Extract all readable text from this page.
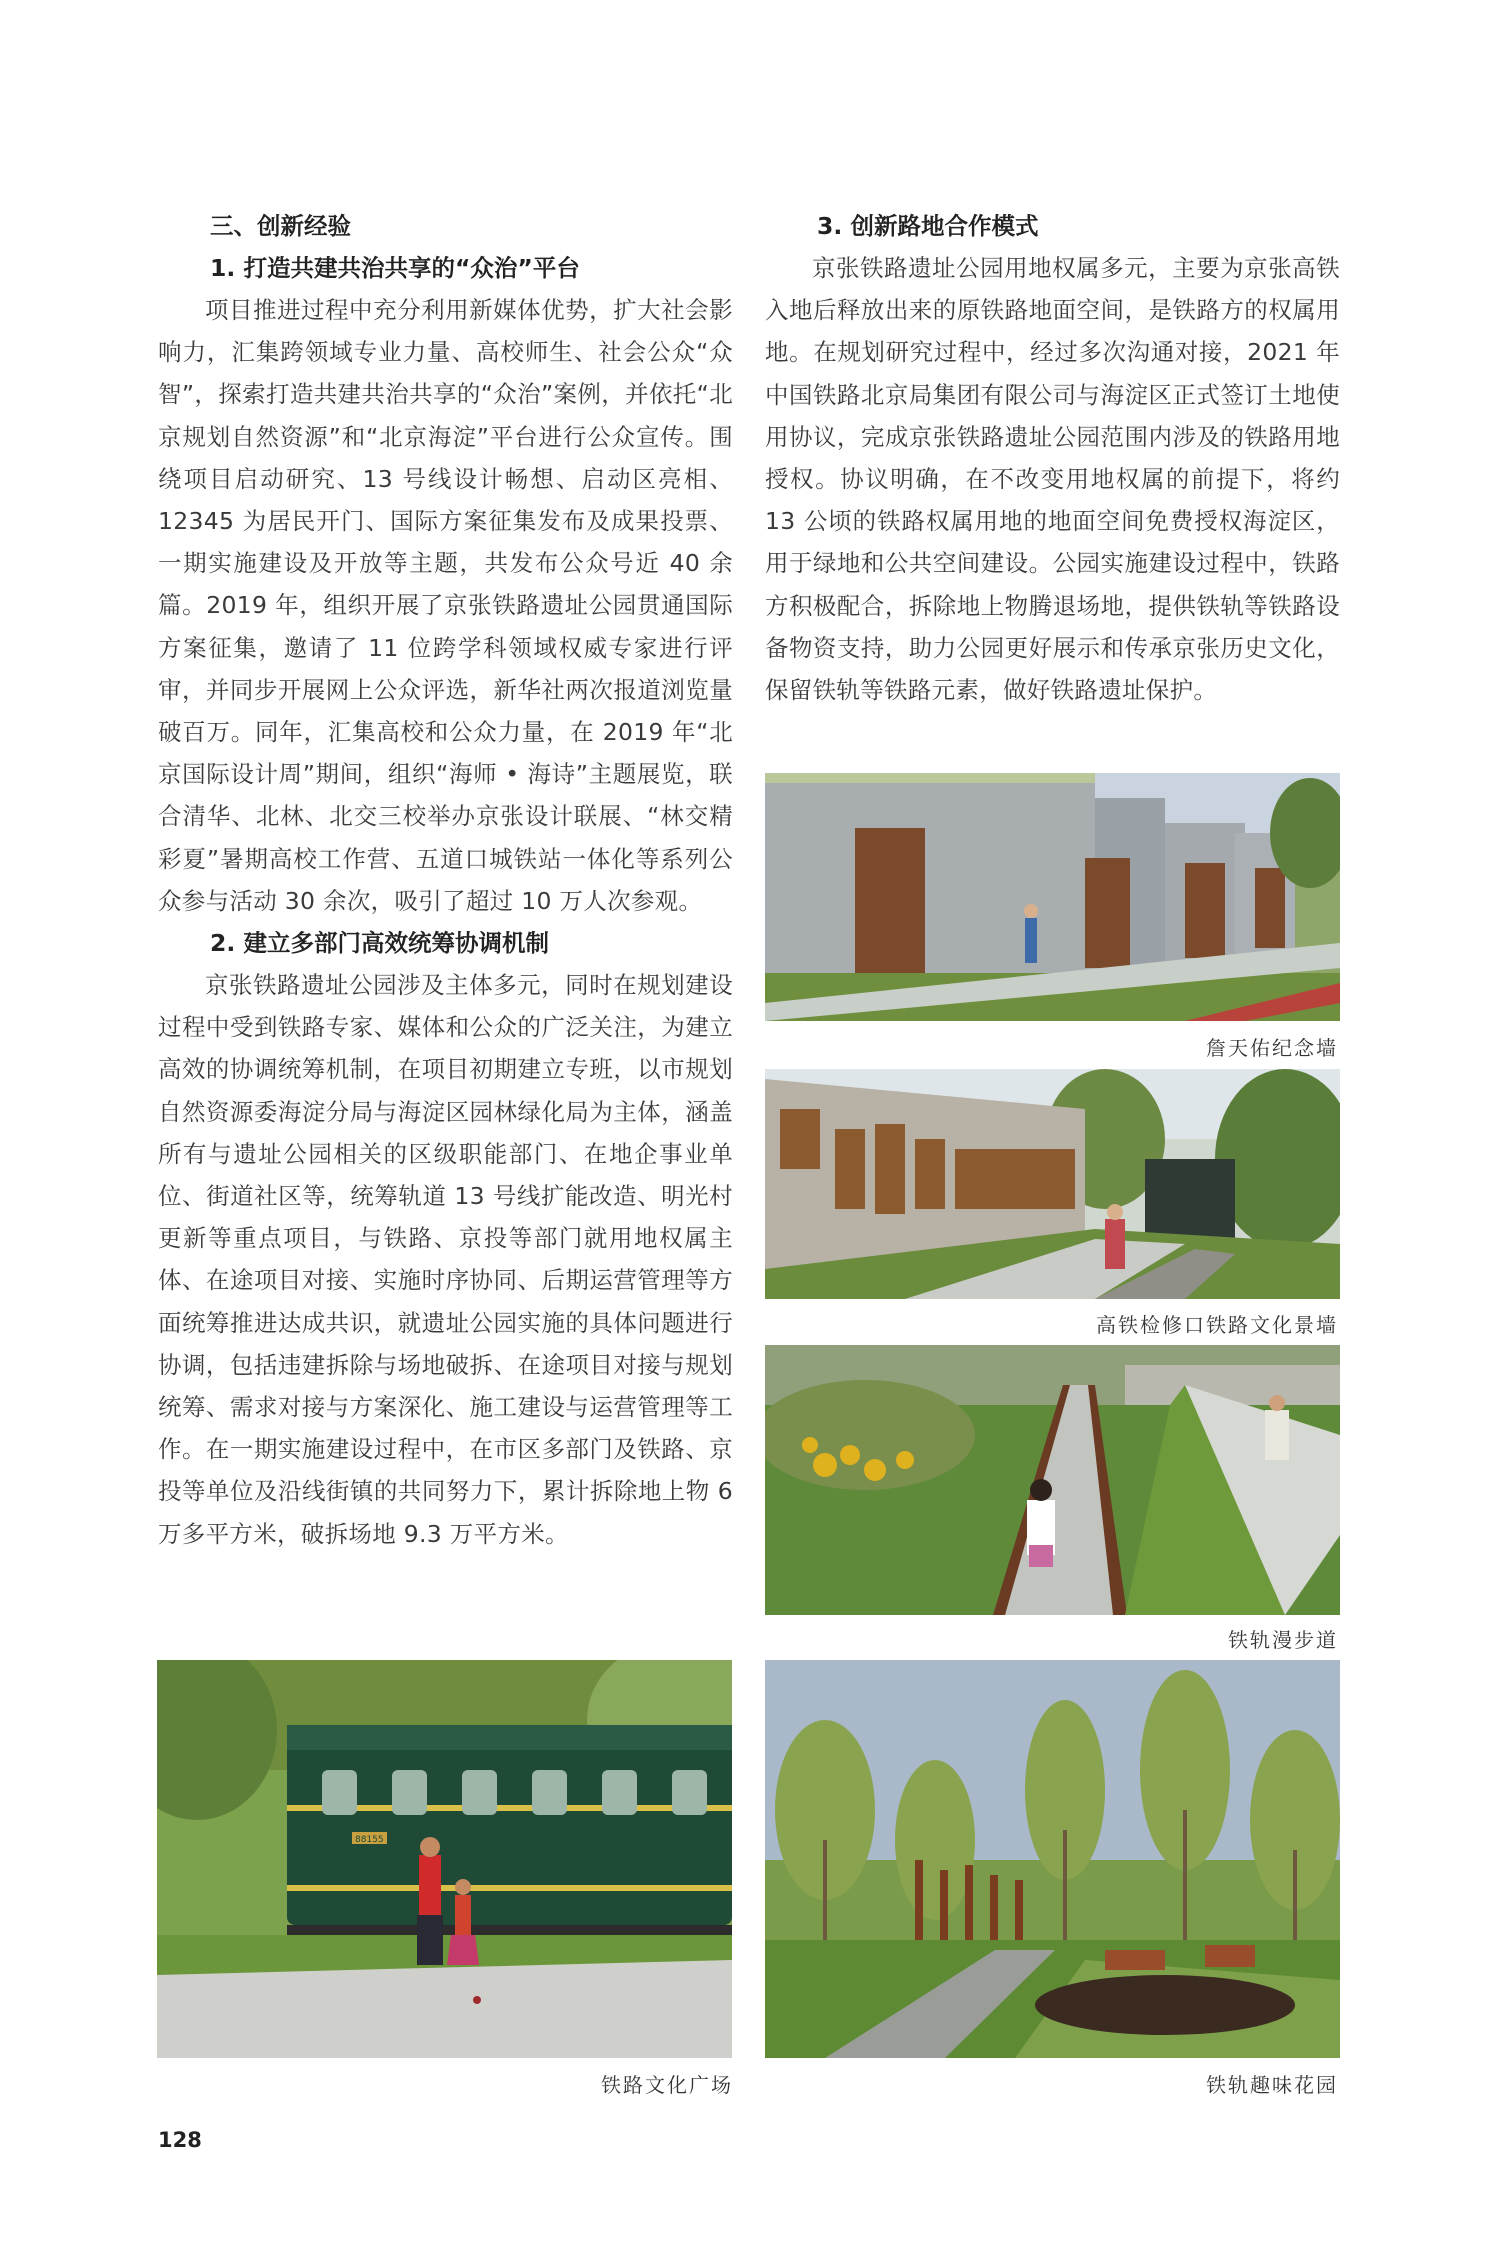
三、创新经验

1. 打造共建共治共享的“众治”平台

项目推进过程中充分利用新媒体优势，扩大社会影响力，汇集跨领域专业力量、高校师生、社会公众“众智”，探索打造共建共治共享的“众治”案例，并依托“北京规划自然资源”和“北京海淀”平台进行公众宣传。围绕项目启动研究、13 号线设计畅想、启动区亮相、12345 为居民开门、国际方案征集发布及成果投票、一期实施建设及开放等主题，共发布公众号近 40 余篇。2019 年，组织开展了京张铁路遗址公园贯通国际方案征集，邀请了 11 位跨学科领域权威专家进行评审，并同步开展网上公众评选，新华社两次报道浏览量破百万。同年，汇集高校和公众力量，在 2019 年“北京国际设计周”期间，组织“海师 • 海诗”主题展览，联合清华、北林、北交三校举办京张设计联展、“林交精彩夏”暑期高校工作营、五道口城铁站一体化等系列公众参与活动 30 余次，吸引了超过 10 万人次参观。

2. 建立多部门高效统筹协调机制

京张铁路遗址公园涉及主体多元，同时在规划建设过程中受到铁路专家、媒体和公众的广泛关注，为建立高效的协调统筹机制，在项目初期建立专班，以市规划自然资源委海淀分局与海淀区园林绿化局为主体，涵盖所有与遗址公园相关的区级职能部门、在地企事业单位、街道社区等，统筹轨道 13 号线扩能改造、明光村更新等重点项目，与铁路、京投等部门就用地权属主体、在途项目对接、实施时序协同、后期运营管理等方面统筹推进达成共识，就遗址公园实施的具体问题进行协调，包括违建拆除与场地破拆、在途项目对接与规划统筹、需求对接与方案深化、施工建设与运营管理等工作。在一期实施建设过程中，在市区多部门及铁路、京投等单位及沿线街镇的共同努力下，累计拆除地上物 6 万多平方米，破拆场地 9.3 万平方米。

3. 创新路地合作模式

京张铁路遗址公园用地权属多元，主要为京张高铁入地后释放出来的原铁路地面空间，是铁路方的权属用地。在规划研究过程中，经过多次沟通对接，2021 年中国铁路北京局集团有限公司与海淀区正式签订土地使用协议，完成京张铁路遗址公园范围内涉及的铁路用地授权。协议明确，在不改变用地权属的前提下，将约 13 公顷的铁路权属用地的地面空间免费授权海淀区，用于绿地和公共空间建设。公园实施建设过程中，铁路方积极配合，拆除地上物腾退场地，提供铁轨等铁路设备物资支持，助力公园更好展示和传承京张历史文化，保留铁轨等铁路元素，做好铁路遗址保护。

詹天佑纪念墙
高铁检修口铁路文化景墙
铁轨漫步道
88155
铁路文化广场	铁轨趣味花园
128
